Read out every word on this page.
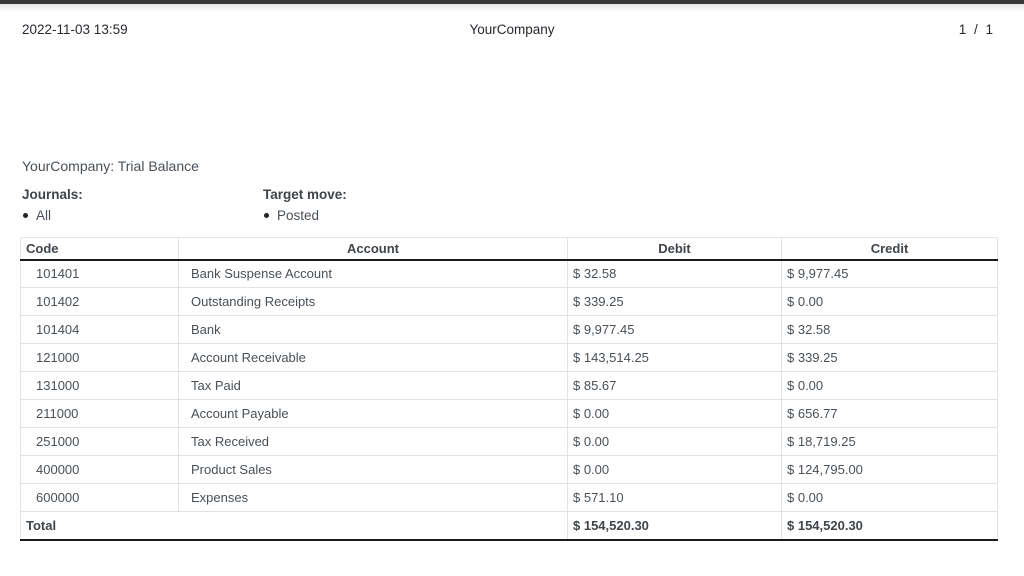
2022-11-03 13:59	YourCompany	1 / 1
YourCompany: Trial Balance
Journals:
All
Target move:
Posted
Code	Account	Debit	Credit
101401	Bank Suspense Account	$ 32.58	$ 9,977.45
101402	Outstanding Receipts	$ 339.25	$ 0.00
101404	Bank	$ 9,977.45	$ 32.58
121000	Account Receivable	$ 143,514.25	$ 339.25
131000	Tax Paid	$ 85.67	$ 0.00
211000	Account Payable	$ 0.00	$ 656.77
251000	Tax Received	$ 0.00	$ 18,719.25
400000	Product Sales	$ 0.00	$ 124,795.00
600000	Expenses	$ 571.10	$ 0.00
Total		$ 154,520.30	$ 154,520.30
